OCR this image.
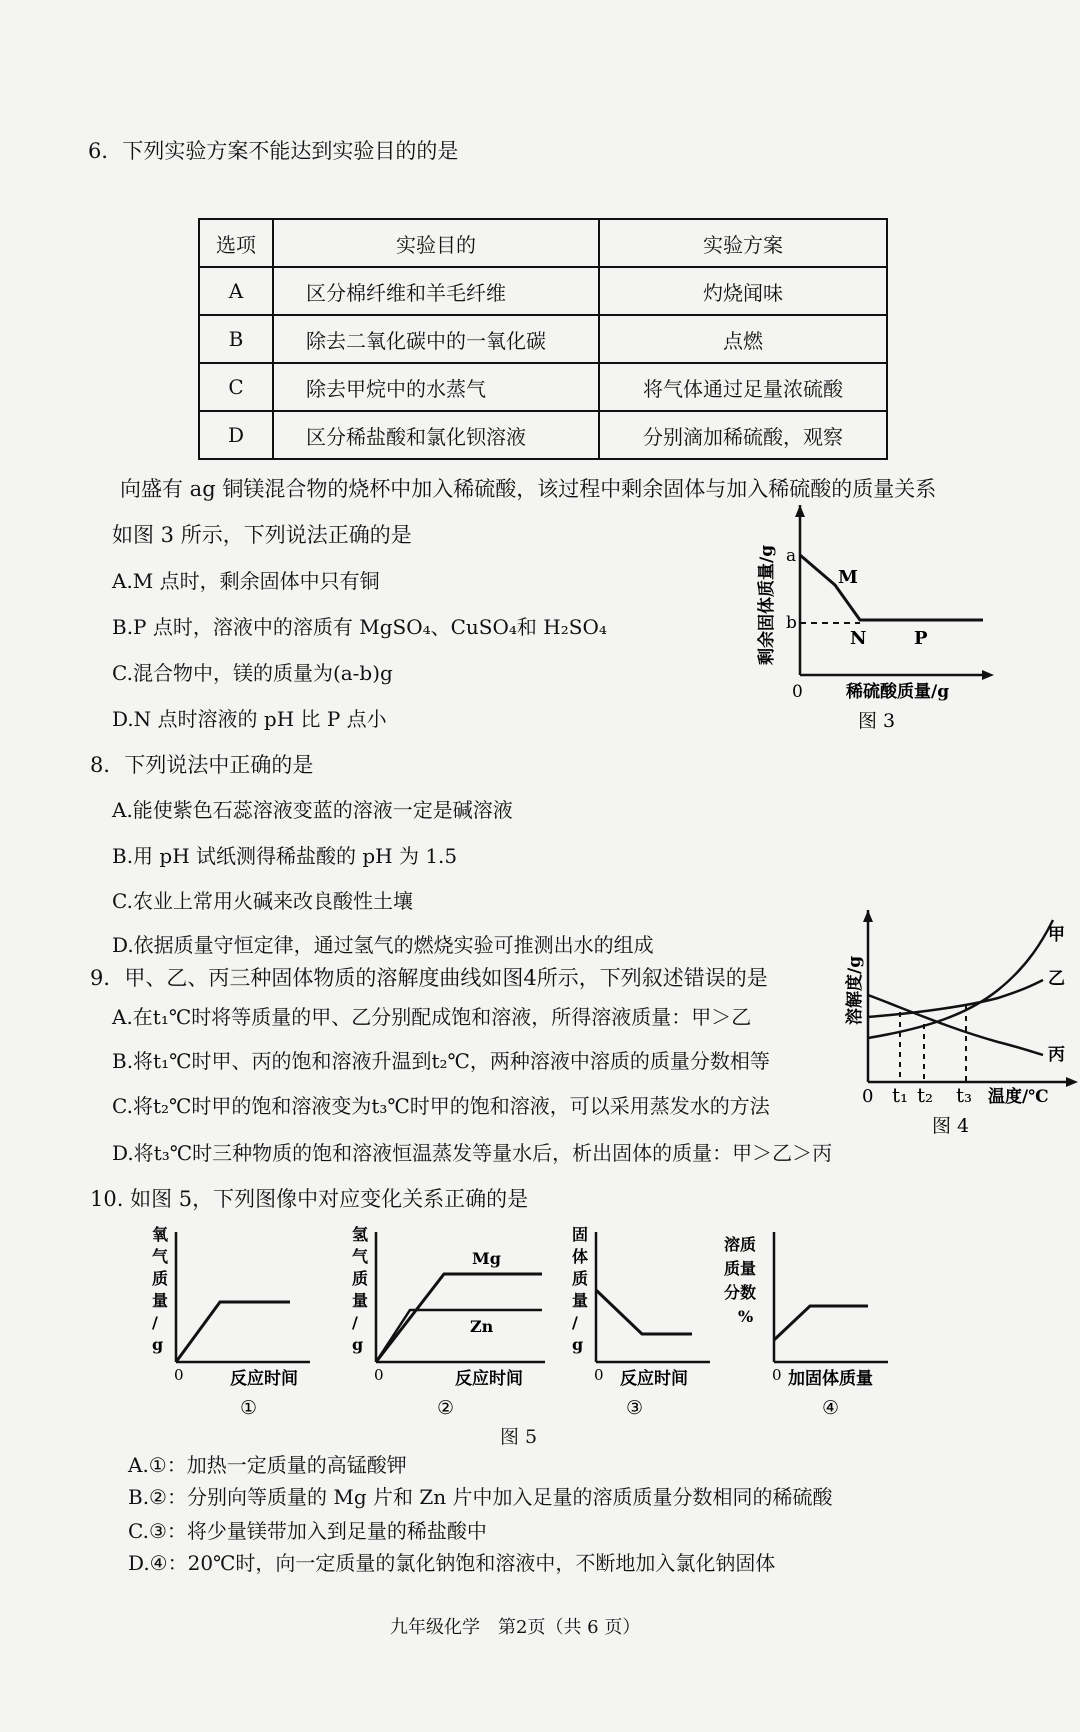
6．下列实验方案不能达到实验目的的是
选项	实验目的	实验方案
A	区分棉纤维和羊毛纤维	灼烧闻味
B	除去二氧化碳中的一氧化碳	点燃
C	除去甲烷中的水蒸气	将气体通过足量浓硫酸
D	区分稀盐酸和氯化钡溶液	分别滴加稀硫酸，观察
向盛有 ag 铜镁混合物的烧杯中加入稀硫酸，该过程中剩余固体与加入稀硫酸的质量关系
如图 3 所示，下列说法正确的是
A.M 点时，剩余固体中只有铜
B.P 点时，溶液中的溶质有 MgSO₄、CuSO₄和 H₂SO₄
C.混合物中，镁的质量为(a-b)g
D.N 点时溶液的 pH 比 P 点小
剩余固体质量/g a
b
M
N	P
0	稀硫酸质量/g
图 3
8．下列说法中正确的是
A.能使紫色石蕊溶液变蓝的溶液一定是碱溶液
B.用 pH 试纸测得稀盐酸的 pH 为 1.5
C.农业上常用火碱来改良酸性土壤
D.依据质量守恒定律，通过氢气的燃烧实验可推测出水的组成
9．甲、乙、丙三种固体物质的溶解度曲线如图4所示，下列叙述错误的是
A.在t₁℃时将等质量的甲、乙分别配成饱和溶液，所得溶液质量：甲＞乙
B.将t₁℃时甲、丙的饱和溶液升温到t₂℃，两种溶液中溶质的质量分数相等
C.将t₂℃时甲的饱和溶液变为t₃℃时甲的饱和溶液，可以采用蒸发水的方法
D.将t₃℃时三种物质的饱和溶液恒温蒸发等量水后，析出固体的质量：甲＞乙＞丙
溶解度/g
甲
乙
丙
0 t₁ t₂ t₃ 温度/℃
图 4
10. 如图 5，下列图像中对应变化关系正确的是
氧气质量/ g
0	反应时间
①
氢气质量/ g
Mg
Zn
0	反应时间
②
固体质量/ g
0 反应时间
③
溶质质量分数%
0 加固体质量
④
图 5
A.①：加热一定质量的高锰酸钾
B.②：分别向等质量的 Mg 片和 Zn 片中加入足量的溶质质量分数相同的稀硫酸
C.③：将少量镁带加入到足量的稀盐酸中
D.④：20℃时，向一定质量的氯化钠饱和溶液中，不断地加入氯化钠固体
九年级化学　第2页（共 6 页）
